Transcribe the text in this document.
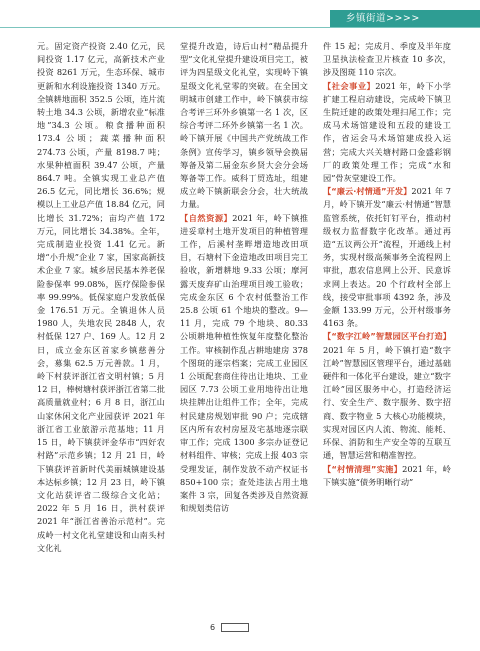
乡镇街道>>>>

元。固定资产投资 2.40 亿元，民间投资 1.17 亿元，高新技术产业投资 8261 万元，生态环保、城市更新和水利设施投资 1340 万元。全镇耕地面积 352.5 公顷，连片流转土地 34.3 公顷，新增农业“标准地”34.3 公顷。粮食播种面积 173.4 公顷；蔬菜播种面积 274.73 公顷，产量 8198.7 吨；水果种植面积 39.47 公顷，产量 864.7 吨。全镇实现工业总产值 26.5 亿元，同比增长 36.6%；规模以上工业总产值 18.84 亿元，同比增长 31.72%；亩均产值 172 万元，同比增长 34.38%。全年，完成制造业投资 1.41 亿元。新增“小升规”企业 7 家，国家高新技术企业 7 家。城乡居民基本养老保险参保率 99.08%，医疗保险参保率 99.99%。低保家庭户发放低保金 176.51 万元。全镇退休人员 1980 人，失地农民 2848 人，农村低保 127 户、169 人。12 月 2 日，成立金东区首家乡镇慈善分会，募集 62.5 万元善款。1 月，岭下村获评浙江省文明村镇；5 月 12 日，棒树塘村获评浙江省第二批高质量就业村；6 月 8 日，浙江山山家休闲文化产业园获评 2021 年浙江省工业旅游示范基地；11 月 15 日，岭下镇获评金华市“四好农村路”示范乡镇；12 月 21 日，岭下镇获评首新时代美丽城镇建设基本达标乡镇；12 月 23 日，岭下镇文化站获评省二级综合文化站；2022 年 5 月 16 日，洪村获评 2021 年“浙江省善治示范村”。完成岭一村文化礼堂建设和山南头村文化礼

堂提升改造，诗后山村“精品提升型”文化礼堂提升建设项目完工，被评为四星级文化礼堂，实现岭下镇星级文化礼堂零的突破。在全国文明城市创建工作中，岭下镇获市综合考评三环外乡镇第一名 1 次，区综合考评二环外乡镇第一名 1 次。岭下镇开展《中国共产党统战工作条例》宣传学习，镇乡领导会换届筹备及第二届金东乡贤大会分会场筹备等工作。威科丁贸选址，组建成立岭下镇新联会分会，壮大统战力量。

【自然资源】2021 年，岭下镇推进妥章村土地开发项目的种植管理工作，后溪村垄畔增造地改田项目，石塘村下金造地改田项目完工验收，新增耕地 9.33 公顷；摩河露天废弃矿山治理项目竣工验收；完成金东区 6 个农村低整治工作 25.8 公顷 61 个地块的整改。9—11 月，完成 79 个地块、80.33 公顷耕地种植性恢复年度整化整治工作。审核制作乱占耕地建房 378 个图斑的逐宗档案；完成工业园区 1 公顷配套商住待出让地块、工业园区 7.73 公顷工业用地待出让地块挂牌出让组件工作；全年，完成村民建房规划审批 90 户；完成辖区内所有农村房屋及宅基地逐宗联审工作；完成 1300 多宗办证登记材料组件、审核；完成上报 403 宗受理发证，制作发放不动产权证书 850+100 宗；查处违法占用土地案件 3 宗，回复各类涉及自然资源和规划类信访

件 15 起；完成月、季度及半年度卫星执法检查卫片核查 10 多次，涉及图斑 110 宗次。

【社会事业】2021 年，岭下小学扩建工程启动建设，完成岭下镇卫生院迁建的政策处理扫尾工作；完成马术场馆建设和五段的建设工作，省运会马术场馆建成投入运营；完成大兴关塘村路口金盛彩钢厂的政策处理工作；完成“水和园”骨灰堂建设工作。

【“廉云·村情通”开发】2021 年 7 月，岭下镇开发“廉云·村情通”智慧监管系统，依托钉钉平台，推动村级权力监督数字化改革。通过再造“五议两公开”流程，开通线上村务，实现村级高频事务全流程网上审批，惠农信息网上公开、民意诉求网上表达。20 个行政村全部上线，接受审批事项 4392 条，涉及金额 133.99 万元，公开村级事务 4163 条。

【“数字江岭”智慧园区平台打造】2021 年 5 月，岭下镇打造“数字江岭”智慧园区管理平台，通过基础硬件和一体化平台建设，建立“数字江岭”园区服务中心，打造经济运行、安全生产、数字服务、数字招商、数字物业 5 大核心功能模块，实现对园区内人流、物流、能耗、环保、消防和生产安全等的互联互通，智慧运营和精准智控。

【“村情清理”实施】2021 年，岭下镇实施“债务明晰行动”

6
